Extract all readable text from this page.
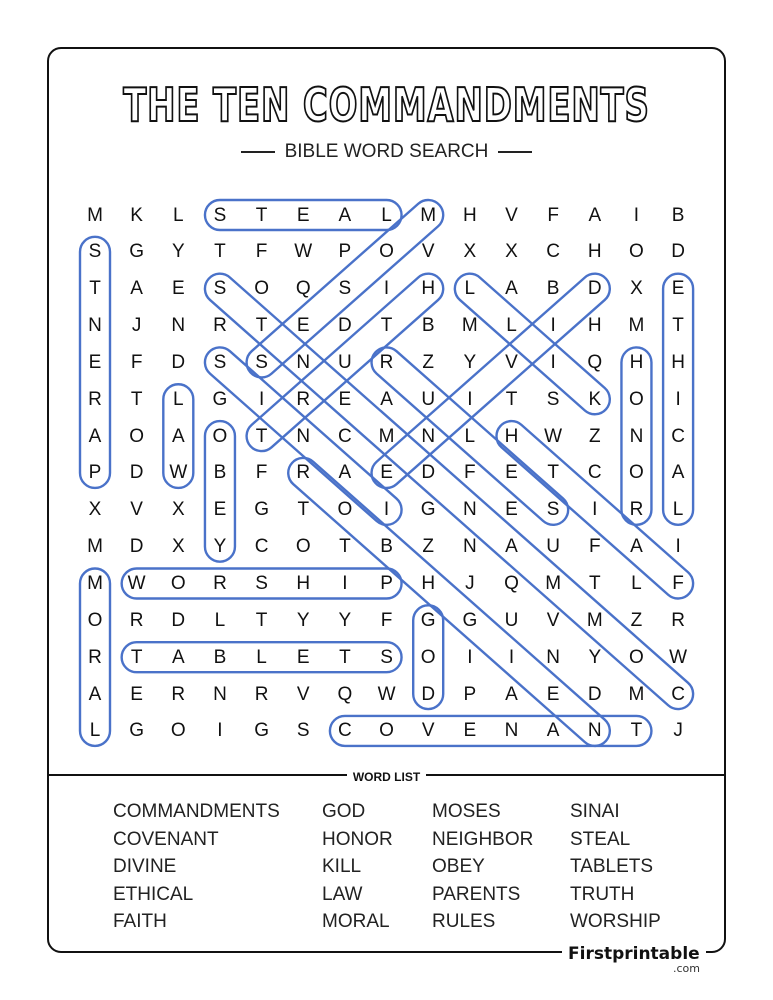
THE TEN COMMANDMENTS
BIBLE WORD SEARCH
M	K	L	S	T	E	A	L	M	H	V	F	A	I	B
S	G	Y	T	F	W	P	O	V	X	X	C	H	O	D
T	A	E	S	O	Q	S	I	H	L	A	B	D	X	E
N	J	N	R	T	E	D	T	B	M	L	I	H	M	T
E	F	D	S	S	N	U	R	Z	Y	V	I	Q	H	H
R	T	L	G	I	R	E	A	U	I	T	S	K	O	I
A	O	A	O	T	N	C	M	N	L	H	W	Z	N	C
P	D	W	B	F	R	A	E	D	F	E	T	C	O	A
X	V	X	E	G	T	O	I	G	N	E	S	I	R	L
M	D	X	Y	C	O	T	B	Z	N	A	U	F	A	I
M	W	O	R	S	H	I	P	H	J	Q	M	T	L	F
O	R	D	L	T	Y	Y	F	G	G	U	V	M	Z	R
R	T	A	B	L	E	T	S	O	I	I	N	Y	O	W
A	E	R	N	R	V	Q	W	D	P	A	E	D	M	C
L	G	O	I	G	S	C	O	V	E	N	A	N	T	J
WORD LIST
COMMANDMENTS
COVENANT
DIVINE
ETHICAL
FAITH
GOD
HONOR
KILL
LAW
MORAL
MOSES
NEIGHBOR
OBEY
PARENTS
RULES
SINAI
STEAL
TABLETS
TRUTH
WORSHIP
Firstprintable
.com
